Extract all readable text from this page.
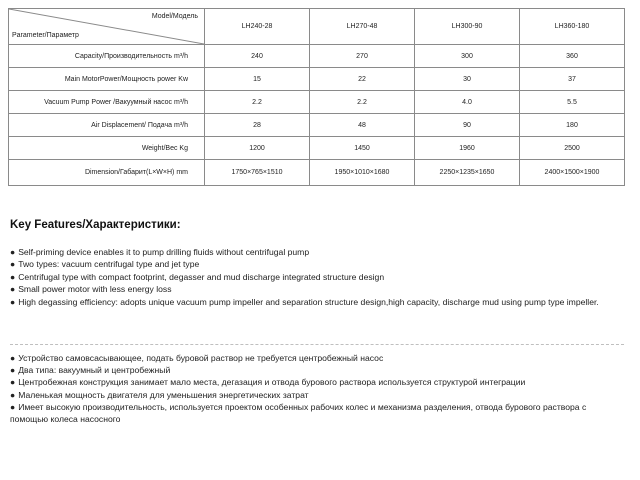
Model/Модель
Parameter/Параметр	LH240-28	LH270-48	LH300-90	LH360-180
Capacity/Производительность m³/h	240	270	300	360
Main MotorPower/Мощность power Kw	15	22	30	37
Vacuum Pump Power /Вакуумный насос m³/h	2.2	2.2	4.0	5.5
Air Displacement/ Подача m³/h	28	48	90	180
Weight/Вес Kg	1200	1450	1960	2500
Dimension/Габарит(L×W×H) mm	1750×765×1510	1950×1010×1680	2250×1235×1650	2400×1500×1900
Key Features/Характеристики:
● Self-priming device enables it to pump drilling fluids without centrifugal pump
● Two types: vacuum centrifugal type and jet type
● Centrifugal type with compact footprint, degasser and mud discharge integrated structure design
● Small power motor with less energy loss
● High degassing efficiency: adopts unique vacuum pump impeller and separation structure design,high capacity, discharge mud using pump type impeller.
● Устройство самовсасывающее, подать буровой раствор не требуется центробежный насос
● Два типа: вакуумный и центробежный
● Центробежная конструкция занимает мало места, дегазация и отвода бурового раствора используется структурой интеграции
● Маленькая мощность двигателя для уменьшения энергетических затрат
● Имеет высокую производительность, используется проектом особенных рабочих колес и механизма разделения, отвода бурового раствора с помощью колеса насосного
